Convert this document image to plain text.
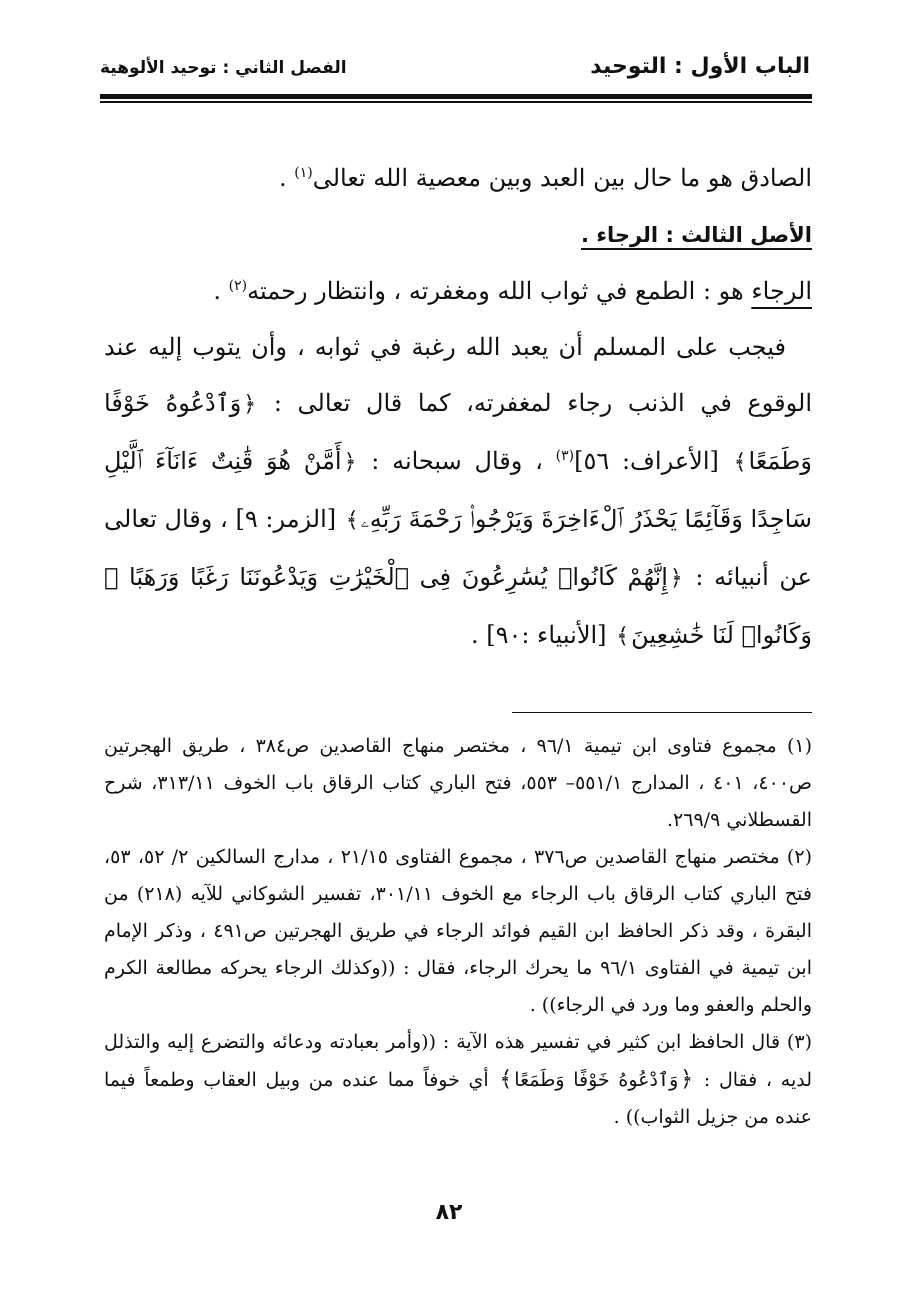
الباب الأول : التوحيد
الفصل الثاني : توحيد الألوهية

الصادق هو ما حال بين العبد وبين معصية الله تعالى$^{(١)}$ .

الأصل الثالث : الرجاء .

الرجاء هو : الطمع في ثواب الله ومغفرته ، وانتظار رحمته$^{(٢)}$ .

فيجب على المسلم أن يعبد الله رغبة في ثوابه ، وأن يتوب إليه عند الوقوع في الذنب رجاء لمغفرته، كما قال تعالى : ﴿وَٱدْعُوهُ خَوْفًا وَطَمَعًا﴾ [الأعراف: ٥٦]$^{(٣)}$ ، وقال سبحانه : ﴿أَمَّنْ هُوَ قَٰنِتٌ ءَانَآءَ ٱلَّيْلِ سَاجِدًا وَقَآئِمًا يَحْذَرُ ٱلْءَاخِرَةَ وَيَرْجُوا۟ رَحْمَةَ رَبِّهِۦ﴾ [الزمر: ٩] ، وقال تعالى عن أنبيائه : ﴿إِنَّهُمْ كَانُوا۟ يُسَٰرِعُونَ فِى ٱلْخَيْرَٰتِ وَيَدْعُونَنَا رَغَبًا وَرَهَبًا ۖ وَكَانُوا۟ لَنَا خَٰشِعِينَ﴾ [الأنبياء :٩٠] .

(١) مجموع فتاوى ابن تيمية ٩٦/١ ، مختصر منهاج القاصدين ص٣٨٤ ، طريق الهجرتين ص٤٠٠، ٤٠١ ، المدارج ٥٥١/١– ٥٥٣، فتح الباري كتاب الرقاق باب الخوف ٣١٣/١١، شرح القسطلاني ٢٦٩/٩.

(٢) مختصر منهاج القاصدين ص٣٧٦ ، مجموع الفتاوى ٢١/١٥ ، مدارج السالكين ٢/ ٥٢، ٥٣، فتح الباري كتاب الرقاق باب الرجاء مع الخوف ٣٠١/١١، تفسير الشوكاني للآيه (٢١٨) من البقرة ، وقد ذكر الحافظ ابن القيم فوائد الرجاء في طريق الهجرتين ص٤٩١ ، وذكر الإمام ابن تيمية في الفتاوى ٩٦/١ ما يحرك الرجاء، فقال : ((وكذلك الرجاء يحركه مطالعة الكرم والحلم والعفو وما ورد في الرجاء)) .

(٣) قال الحافظ ابن كثير في تفسير هذه الآية : ((وأمر بعبادته ودعائه والتضرع إليه والتذلل لديه ، فقال : ﴿وَٱدْعُوهُ خَوْفًا وَطَمَعًا﴾ أي خوفاً مما عنده من وبيل العقاب وطمعاً فيما عنده من جزيل الثواب)) .

٨٢
